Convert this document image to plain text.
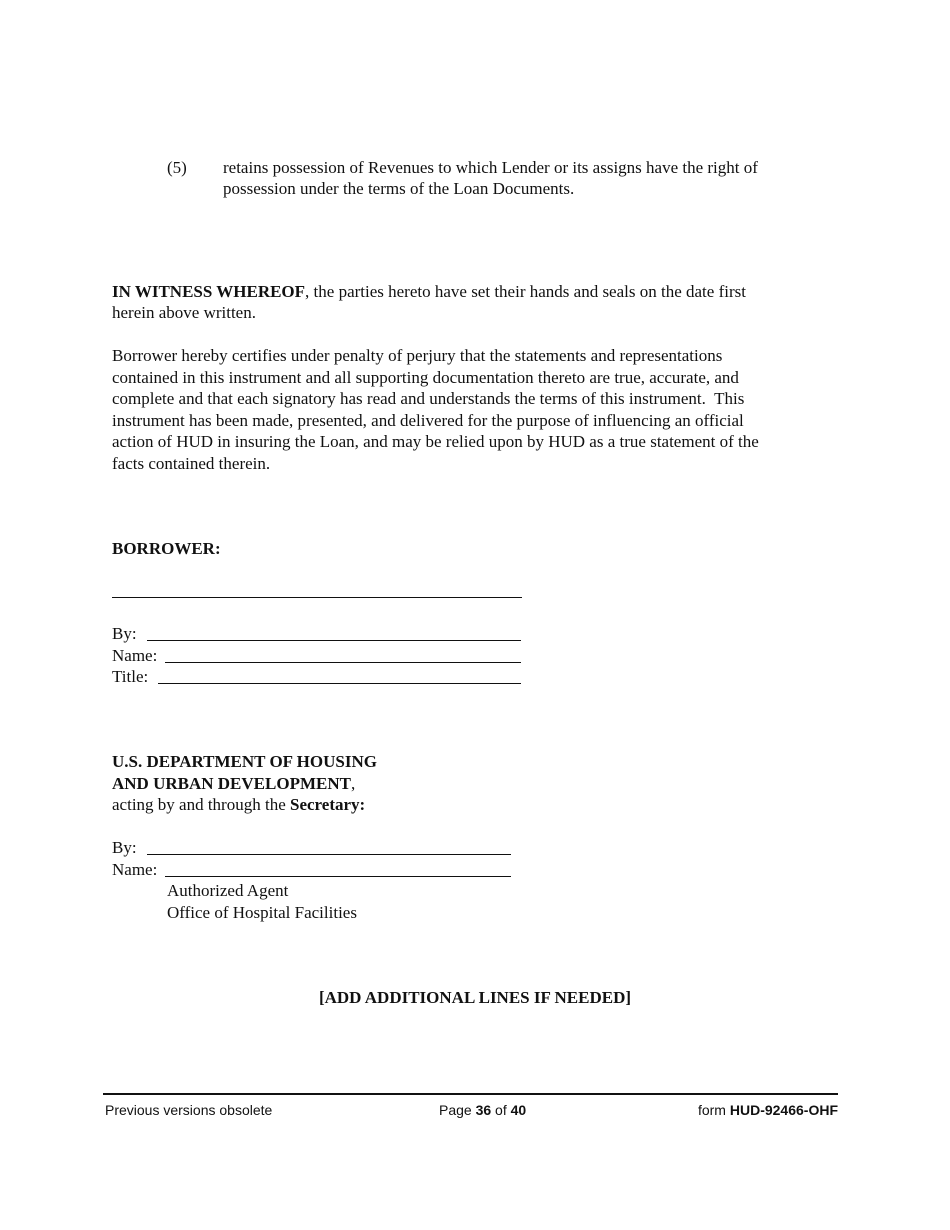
(5) retains possession of Revenues to which Lender or its assigns have the right of
possession under the terms of the Loan Documents.
IN WITNESS WHEREOF, the parties hereto have set their hands and seals on the date first
herein above written.
Borrower hereby certifies under penalty of perjury that the statements and representations
contained in this instrument and all supporting documentation thereto are true, accurate, and
complete and that each signatory has read and understands the terms of this instrument.  This
instrument has been made, presented, and delivered for the purpose of influencing an official
action of HUD in insuring the Loan, and may be relied upon by HUD as a true statement of the
facts contained therein.
BORROWER:
By:
Name:
Title:
U.S. DEPARTMENT OF HOUSING
AND URBAN DEVELOPMENT,
acting by and through the Secretary:
By:
Name:
Authorized Agent
Office of Hospital Facilities
[ADD ADDITIONAL LINES IF NEEDED]
Previous versions obsolete	Page 36 of 40	form HUD-92466-OHF
